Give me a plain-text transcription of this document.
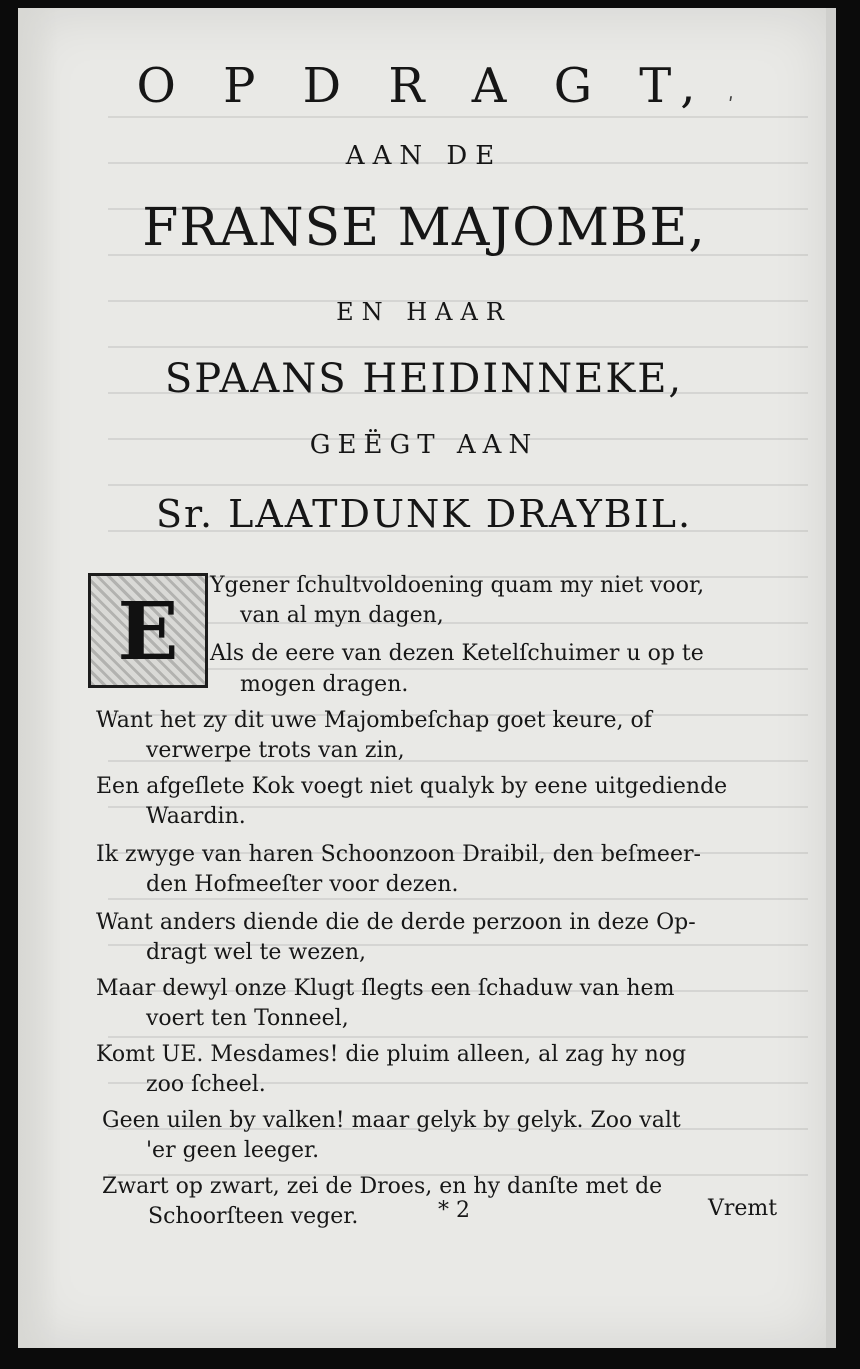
O P D R A G T, ʹ
AAN DE
FRANSE MAJOMBE,
EN HAAR
SPAANS HEIDINNEKE,
GEËGT AAN
Sr. LAATDUNK DRAYBIL.
E	Ygener ſchultvoldoening quam my niet voor,
van al myn dagen,
Als de eere van dezen Ketelſchuimer u op te
mogen dragen.
Want het zy dit uwe Majombeſchap goet keure, of
verwerpe trots van zin,
Een afgeſlete Kok voegt niet qualyk by eene uitgediende
Waardin.
Ik zwyge van haren Schoonzoon Draibil, den beſmeer-
den Hofmeeſter voor dezen.
Want anders diende die de derde perzoon in deze Op-
dragt wel te wezen,
Maar dewyl onze Klugt ſlegts een ſchaduw van hem
voert ten Tonneel,
Komt UE. Mesdames! die pluim alleen, al zag hy nog
zoo ſcheel.
Geen uilen by valken! maar gelyk by gelyk. Zoo valt
'er geen leeger.
Zwart op zwart, zei de Droes, en hy danſte met de
Schoorſteen veger.	* 2	Vremt
